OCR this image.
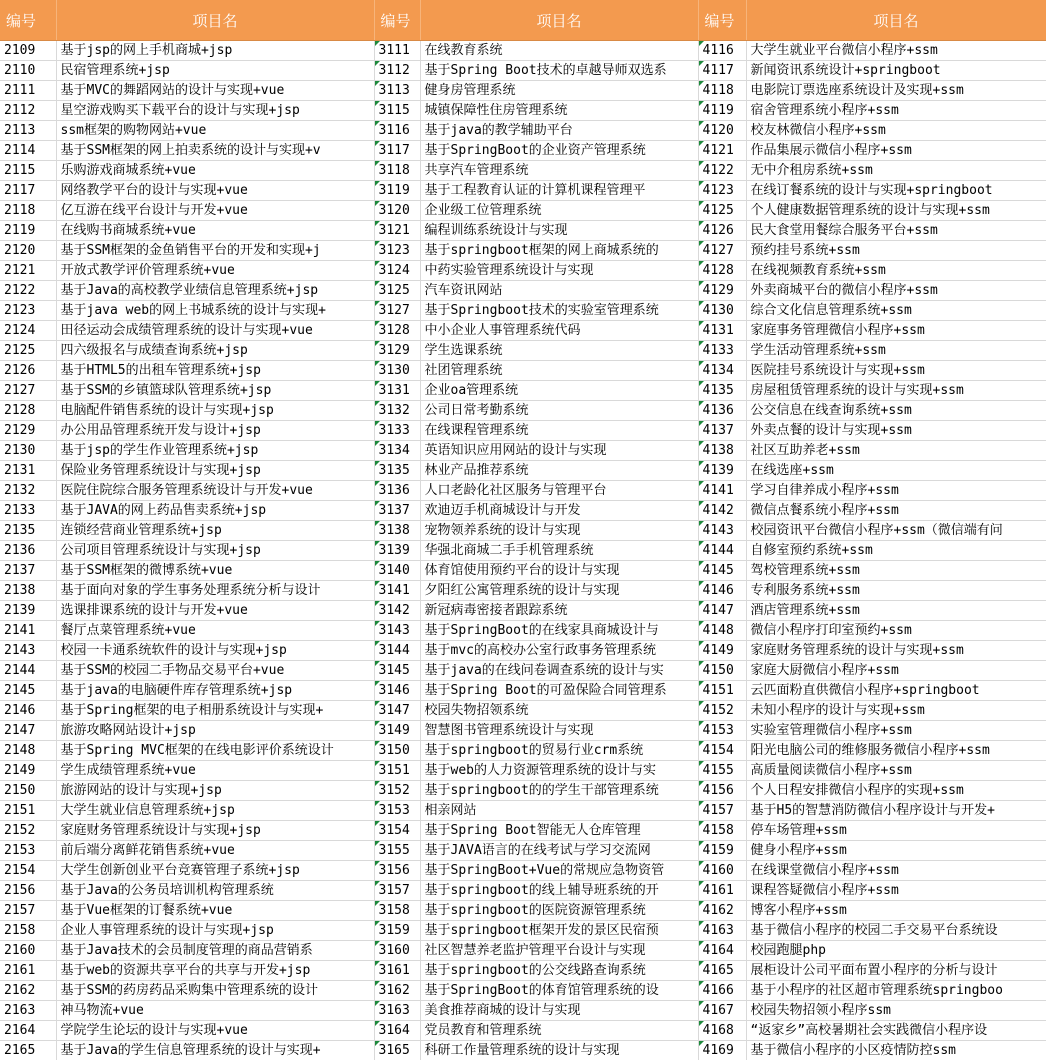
编号	项目名	编号	项目名	编号	项目名
2109	基于jsp的网上手机商城+jsp	3111	在线教育系统	4116	大学生就业平台微信小程序+ssm
2110	民宿管理系统+jsp	3112	基于Spring Boot技术的卓越导师双选系	4117	新闻资讯系统设计+springboot
2111	基于MVC的舞蹈网站的设计与实现+vue	3113	健身房管理系统	4118	电影院订票选座系统设计及实现+ssm
2112	星空游戏购买下载平台的设计与实现+jsp	3115	城镇保障性住房管理系统	4119	宿舍管理系统小程序+ssm
2113	ssm框架的购物网站+vue	3116	基于java的教学辅助平台	4120	校友林微信小程序+ssm
2114	基于SSM框架的网上拍卖系统的设计与实现+v	3117	基于SpringBoot的企业资产管理系统	4121	作品集展示微信小程序+ssm
2115	乐购游戏商城系统+vue	3118	共享汽车管理系统	4122	无中介租房系统+ssm
2117	网络教学平台的设计与实现+vue	3119	基于工程教育认证的计算机课程管理平	4123	在线订餐系统的设计与实现+springboot
2118	亿互游在线平台设计与开发+vue	3120	企业级工位管理系统	4125	个人健康数据管理系统的设计与实现+ssm
2119	在线购书商城系统+vue	3121	编程训练系统设计与实现	4126	民大食堂用餐综合服务平台+ssm
2120	基于SSM框架的金鱼销售平台的开发和实现+j	3123	基于springboot框架的网上商城系统的	4127	预约挂号系统+ssm
2121	开放式教学评价管理系统+vue	3124	中药实验管理系统设计与实现	4128	在线视频教育系统+ssm
2122	基于Java的高校教学业绩信息管理系统+jsp	3125	汽车资讯网站	4129	外卖商城平台的微信小程序+ssm
2123	基于java web的网上书城系统的设计与实现+	3127	基于Springboot技术的实验室管理系统	4130	综合文化信息管理系统+ssm
2124	田径运动会成绩管理系统的设计与实现+vue	3128	中小企业人事管理系统代码	4131	家庭事务管理微信小程序+ssm
2125	四六级报名与成绩查询系统+jsp	3129	学生选课系统	4133	学生活动管理系统+ssm
2126	基于HTML5的出租车管理系统+jsp	3130	社团管理系统	4134	医院挂号系统设计与实现+ssm
2127	基于SSM的乡镇篮球队管理系统+jsp	3131	企业oa管理系统	4135	房屋租赁管理系统的设计与实现+ssm
2128	电脑配件销售系统的设计与实现+jsp	3132	公司日常考勤系统	4136	公交信息在线查询系统+ssm
2129	办公用品管理系统开发与设计+jsp	3133	在线课程管理系统	4137	外卖点餐的设计与实现+ssm
2130	基于jsp的学生作业管理系统+jsp	3134	英语知识应用网站的设计与实现	4138	社区互助养老+ssm
2131	保险业务管理系统设计与实现+jsp	3135	林业产品推荐系统	4139	在线选座+ssm
2132	医院住院综合服务管理系统设计与开发+vue	3136	人口老龄化社区服务与管理平台	4141	学习自律养成小程序+ssm
2133	基于JAVA的网上药品售卖系统+jsp	3137	欢迪迈手机商城设计与开发	4142	微信点餐系统小程序+ssm
2135	连锁经营商业管理系统+jsp	3138	宠物领养系统的设计与实现	4143	校园资讯平台微信小程序+ssm（微信端有问
2136	公司项目管理系统设计与实现+jsp	3139	华强北商城二手手机管理系统	4144	自修室预约系统+ssm
2137	基于SSM框架的微博系统+vue	3140	体育馆使用预约平台的设计与实现	4145	驾校管理系统+ssm
2138	基于面向对象的学生事务处理系统分析与设计	3141	夕阳红公寓管理系统的设计与实现	4146	专利服务系统+ssm
2139	选课排课系统的设计与开发+vue	3142	新冠病毒密接者跟踪系统	4147	酒店管理系统+ssm
2141	餐厅点菜管理系统+vue	3143	基于SpringBoot的在线家具商城设计与	4148	微信小程序打印室预约+ssm
2143	校园一卡通系统软件的设计与实现+jsp	3144	基于mvc的高校办公室行政事务管理系统	4149	家庭财务管理系统的设计与实现+ssm
2144	基于SSM的校园二手物品交易平台+vue	3145	基于java的在线问卷调查系统的设计与实	4150	家庭大厨微信小程序+ssm
2145	基于java的电脑硬件库存管理系统+jsp	3146	基于Spring Boot的可盈保险合同管理系	4151	云匹面粉直供微信小程序+springboot
2146	基于Spring框架的电子相册系统设计与实现+	3147	校园失物招领系统	4152	未知小程序的设计与实现+ssm
2147	旅游攻略网站设计+jsp	3149	智慧图书管理系统设计与实现	4153	实验室管理微信小程序+ssm
2148	基于Spring MVC框架的在线电影评价系统设计	3150	基于springboot的贸易行业crm系统	4154	阳光电脑公司的维修服务微信小程序+ssm
2149	学生成绩管理系统+vue	3151	基于web的人力资源管理系统的设计与实	4155	高质量阅读微信小程序+ssm
2150	旅游网站的设计与实现+jsp	3152	基于springboot的的学生干部管理系统	4156	个人日程安排微信小程序的实现+ssm
2151	大学生就业信息管理系统+jsp	3153	相亲网站	4157	基于H5的智慧消防微信小程序设计与开发+
2152	家庭财务管理系统设计与实现+jsp	3154	基于Spring Boot智能无人仓库管理	4158	停车场管理+ssm
2153	前后端分离鲜花销售系统+vue	3155	基于JAVA语言的在线考试与学习交流网	4159	健身小程序+ssm
2154	大学生创新创业平台竞赛管理子系统+jsp	3156	基于SpringBoot+Vue的常规应急物资管	4160	在线课堂微信小程序+ssm
2156	基于Java的公务员培训机构管理系统	3157	基于springboot的线上辅导班系统的开	4161	课程答疑微信小程序+ssm
2157	基于Vue框架的订餐系统+vue	3158	基于springboot的医院资源管理系统	4162	博客小程序+ssm
2158	企业人事管理系统的设计与实现+jsp	3159	基于springboot框架开发的景区民宿预	4163	基于微信小程序的校园二手交易平台系统设
2160	基于Java技术的会员制度管理的商品营销系	3160	社区智慧养老监护管理平台设计与实现	4164	校园跑腿php
2161	基于web的资源共享平台的共享与开发+jsp	3161	基于springboot的公交线路查询系统	4165	展柜设计公司平面布置小程序的分析与设计
2162	基于SSM的药房药品采购集中管理系统的设计	3162	基于SpringBoot的体育馆管理系统的设	4166	基于小程序的社区超市管理系统springboo
2163	神马物流+vue	3163	美食推荐商城的设计与实现	4167	校园失物招领小程序ssm
2164	学院学生论坛的设计与实现+vue	3164	党员教育和管理系统	4168	“返家乡”高校暑期社会实践微信小程序设
2165	基于Java的学生信息管理系统的设计与实现+	3165	科研工作量管理系统的设计与实现	4169	基于微信小程序的小区疫情防控ssm
